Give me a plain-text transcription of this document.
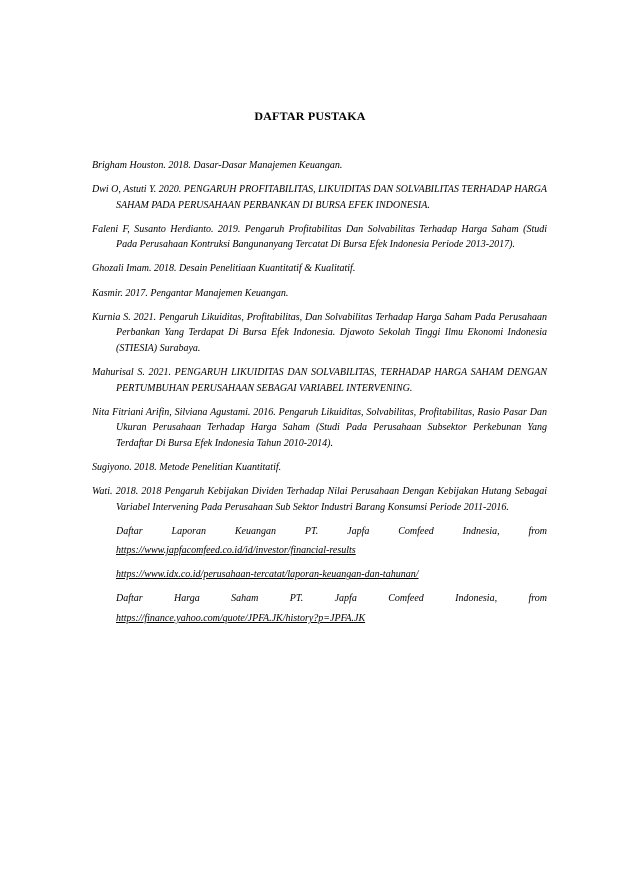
DAFTAR PUSTAKA

Brigham Houston. 2018. Dasar-Dasar Manajemen Keuangan.

Dwi O, Astuti Y. 2020. PENGARUH PROFITABILITAS, LIKUIDITAS DAN SOLVABILITAS TERHADAP HARGA SAHAM PADA PERUSAHAAN PERBANKAN DI BURSA EFEK INDONESIA.

Faleni F, Susanto Herdianto. 2019. Pengaruh Profitabilitas Dan Solvabilitas Terhadap Harga Saham (Studi Pada Perusahaan Kontruksi Bangunanyang Tercatat Di Bursa Efek Indonesia Periode 2013-2017).

Ghozali Imam. 2018. Desain Penelitiaan Kuantitatif & Kualitatif.

Kasmir. 2017. Pengantar Manajemen Keuangan.

Kurnia S. 2021. Pengaruh Likuiditas, Profitabilitas, Dan Solvabilitas Terhadap Harga Saham Pada Perusahaan Perbankan Yang Terdapat Di Bursa Efek Indonesia. Djawoto Sekolah Tinggi Ilmu Ekonomi Indonesia (STIESIA) Surabaya.

Mahurisal S. 2021. PENGARUH LIKUIDITAS DAN SOLVABILITAS, TERHADAP HARGA SAHAM DENGAN PERTUMBUHAN PERUSAHAAN SEBAGAI VARIABEL INTERVENING.

Nita Fitriani Arifin, Silviana Agustami. 2016. Pengaruh Likuiditas, Solvabilitas, Profitabilitas, Rasio Pasar Dan Ukuran Perusahaan Terhadap Harga Saham (Studi Pada Perusahaan Subsektor Perkebunan Yang Terdaftar Di Bursa Efek Indonesia Tahun 2010-2014).

Sugiyono. 2018. Metode Penelitian Kuantitatif.

Wati. 2018. 2018 Pengaruh Kebijakan Dividen Terhadap Nilai Perusahaan Dengan Kebijakan Hutang Sebagai Variabel Intervening Pada Perusahaan Sub Sektor Industri Barang Konsumsi Periode 2011-2016.

Daftar Laporan Keuangan PT. Japfa Comfeed Indnesia, from

https://www.japfacomfeed.co.id/id/investor/financial-results

https://www.idx.co.id/perusahaan-tercatat/laporan-keuangan-dan-tahunan/

Daftar Harga Saham PT. Japfa Comfeed Indonesia, from

https://finance.yahoo.com/quote/JPFA.JK/history?p=JPFA.JK
